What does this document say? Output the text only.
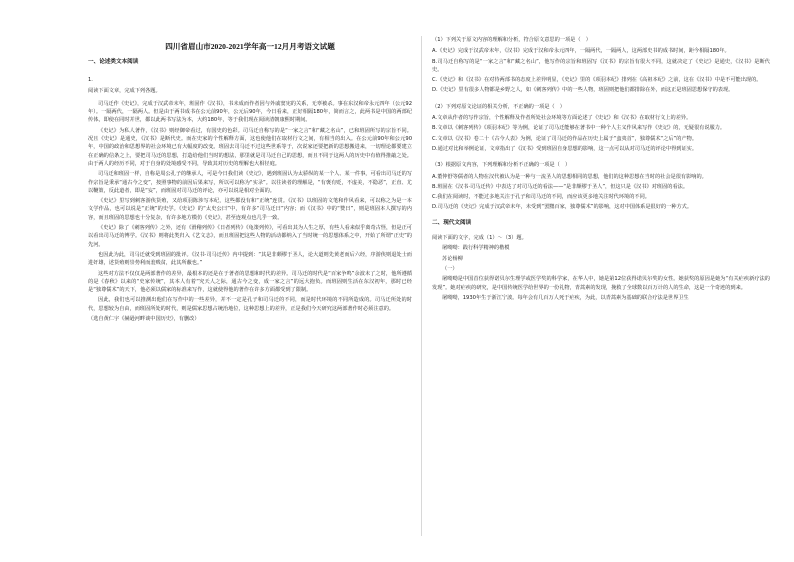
四川省眉山市2020-2021学年高一12月月考语文试题
一、论述类文本阅读
1.
阅读下面文章，完成下列各题。
司马迁作《史记》，完成于汉武帝末年，班固作《汉书》，书未成而作者因与外戚窦宪的关系，无辜被杀。事在东汉和帝永元四年（公元92年）。一隔两代，一隔两人。但是由于两书成书在公元前90年，公元后90年，今日看来，正好相隔180年，简而言之，此两书是中国的两部纪传体，即使在同时并世，都以此两书写法为本，大约180年，等于我们现在阅读清朝康熙时期间。
《史记》为私人著作，《汉书》则经御帝看过，有国史的色彩。司马迁自称写的是“一家之言”和“藏之名山”，已和班固所写的宗旨不同。况且《史记》是通史，《汉书》是断代史。而在史家的个性解释方面，这也使他们在取材行文之间，有相当的出入。在公元前90年和公元90年，中国的政治和思想界的社会环境已有大幅度的改变。班固去司马迁不过这些世系等于，次说家还要把新的思想搬进来，一切理论都要建立在正确的信条之上，要把司马迁的思想，打造给他们当时的想法，那里就是司马迁自己的思想，而且不同于这两人的历史中有值得推敲之处。由于两人的经历不同，对于自身的处境感受不同，导致其对历史的理解也大相径庭。
司马迁和班固一样，自称是周公孔子的继承人，可是今日我们读《史记》，遇到班固认为太骄纵的某一个人、某一件事，可看出司马迁的写作宗旨是秉承“通古今之变”，按照事物的前因后果来写，所以可以称为“实录”。以往读者的理解是，“有褒有贬，不虚美，不隐恶”，正直、尤以鞭策，反此道者，即是“妄”，而班固对司马迁的评论，亦可以说是相对全面的。
《史记》里写到刺客游侠货殖，又给项羽陈涉写本纪，这些都没有和“正统”连贯。《汉书》以班固的文笔和作风看来，可以称之为是一本文学作品，也可以说是“正统”的史学。《史记》的“太史公曰”中，有许多“司马迁曰”内容；而《汉书》中的“赞曰”，则是班固本人撰写的内容，而且班固的思想也十分复杂，有许多地方模仿《史记》，甚至连观点也几乎一致。
《史记》除了《刺客列传》之外，还有《滑稽列传》《日者列传》《龟策列传》，可看出其为人生之厚，有些人看来似乎离奇古怪，但是正可以看出司马迁的博学。《汉书》则将此类归入《艺文志》，而且班固把这些人物的活动都纳入了当时统一的思想体系之中，开始了所谓“正史”的先河。
也因此为此，司马迁就受到班固的批评。《汉书·司马迁传》内中提到：“其是非颇缪于圣人，论大道则先黄老而后六经，序游侠则退处士而进奸雄，述货殖则崇势利而羞贱贫，此其所蔽也。”
这些对方法不仅仅是两部著作的差异，最根本的还是在于著者的思想和时代的差异。司马迁的时代是“百家争鸣”余波未了之时，他所遵循的是《春秋》以来的“史家传统”，其本人有着“究天人之际，通古今之变，成一家之言”的远大抱负。而班固则生活在东汉初年，那时已经是“独尊儒术”的天下，他必须以儒家的标准来写作，这就使得他的著作在许多方面都受到了限制。
因此，我们也可以推测出他们在写作中的一些差异，并不一定是孔子和司马迁的不同，而是时代环境的不同所造成的。司马迁所处的时代，思想较为自由，而班固所处的时代，则是儒家思想占统治地位，这种思想上的差异，正是我们今天研究这两部著作时必须注意的。
（选自黄仁宇《赫逊河畔谈中国历史》，有删改）
（1）下列关于原文内容的理解和分析，符合原文意思的一项是（　）
A.《史记》完成于汉武帝末年，《汉书》完成于汉和帝永元四年，一隔两代，一隔两人，这两部史书的成书时间，距今相隔180年。
B.司马迁自称写的是“一家之言”和“藏之名山”，他写作的宗旨和班固写《汉书》的宗旨有很大不同，这就决定了《史记》是通史，《汉书》是断代史。
C.《史记》和《汉书》在对待两部书的态度上差异明显，《史记》里的《项羽本纪》排列在《高祖本纪》之前，这在《汉书》中是不可能出现的。
D.《史记》里有很多人物都是乡野之人，如《刺客列传》中的一些人物，班固则把他们都排除在外，而这正是班固思想保守的表现。
（2）下列对原文论证的相关分析，不正确的一项是（　）
A.文章从作者的写作宗旨，个性解释及作者所处社会环境等方面论述了《史记》和《汉书》在取材行文上的差异。
B.文章以《刺客列传》《项羽本纪》等为例，论证了司马迁能够在著书中一种个人主义作风来写作《史记》的，无疑很有说服力。
C.文章以《汉书》卷二十《古今人表》为例，论证了司马迁的作品在历史上属于“蛮夷首”，独尊儒术“之后”的产物。
D.通过对比和举例论证，文章指出了《汉书》受到班固自身思想的影响，这一点可以从对司马迁的评论中得到证实。
（3）根据原文内容，下列理解和分析不正确的一项是（　）
A.董仲舒等儒者的人物在汉代被认为是一种与一流圣人的思想相同的思想，他们的这种思想在当时的社会是很有影响的。
B.班固在《汉书·司马迁传》中表达了对司马迁的看法——“是非颇缪于圣人”，但这只是《汉书》对班固的看法。
C.我们在阅读时，不能过多地关注于孔子和司马迁的不同，而应该更多地关注时代环境的不同。
D.司马迁的《史记》完成于汉武帝末年，未受到“罢黜百家，独尊儒术”的影响，这对中国体系是很好的一种方式。
二、现代文阅读
阅读下面的文字，完成（1）～（3）题。
屠呦呦：践行科学精神的楷模
苏论杨柳
（一）
屠呦呦是中国首位获得诺贝尔生理学或医学奖的科学家，在华人中，她是第12位获得诺贝尔奖的女性。她获奖的原因是她为“有关疟疾新疗法的发现”。她对疟疾的研究，是中国传统医学给世界的一份礼物，青蒿素的发现，挽救了全球数以百万计的人的生命，这是一个奇迹的到来。
屠呦呦，1930年生于浙江宁波。每年会有几百万人死于疟疾，为此，以青蒿素为基础的联合疗法是世界卫生
